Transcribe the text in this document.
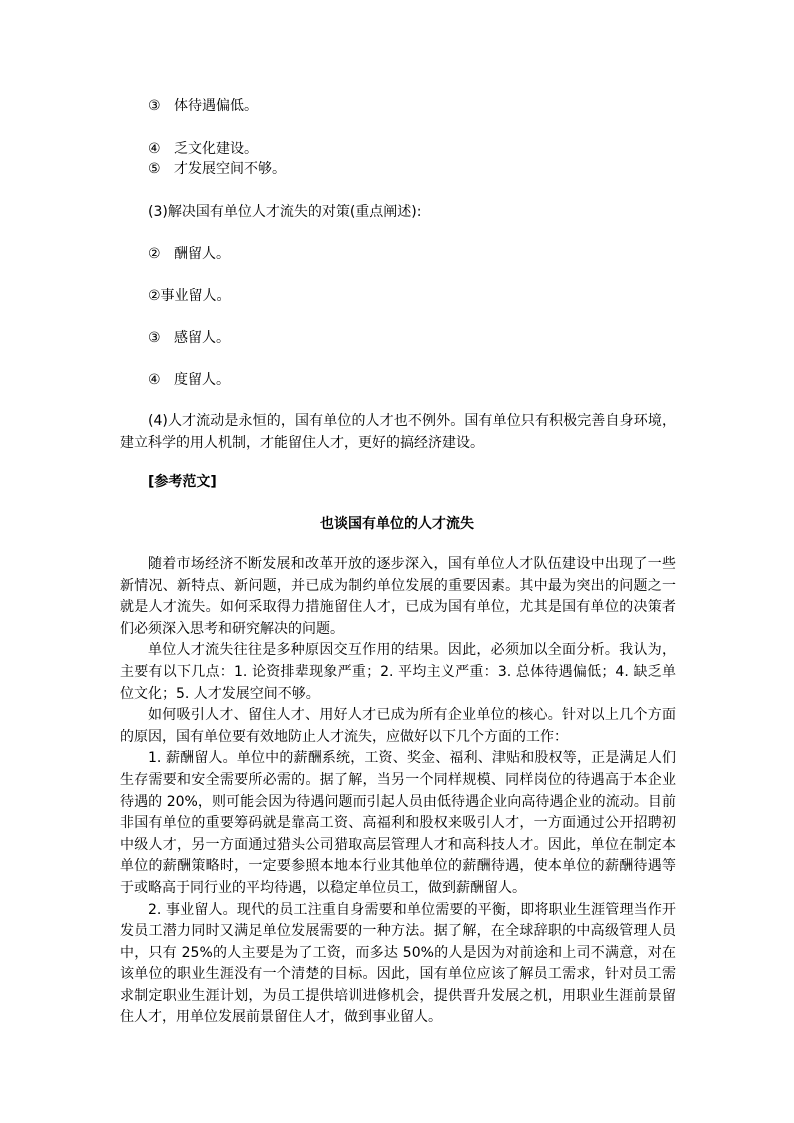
③ 体待遇偏低。
④ 乏文化建设。
⑤ 才发展空间不够。
(3)解决国有单位人才流失的对策(重点阐述):
② 酬留人。
②事业留人。
③ 感留人。
④ 度留人。

(4)人才流动是永恒的，国有单位的人才也不例外。国有单位只有积极完善自身环境，建立科学的用人机制，才能留住人才，更好的搞经济建设。

[参考范文]
也谈国有单位的人才流失

随着市场经济不断发展和改革开放的逐步深入，国有单位人才队伍建设中出现了一些新情况、新特点、新问题，并已成为制约单位发展的重要因素。其中最为突出的问题之一就是人才流失。如何采取得力措施留住人才，已成为国有单位，尤其是国有单位的决策者们必须深入思考和研究解决的问题。

单位人才流失往往是多种原因交互作用的结果。因此，必须加以全面分析。我认为，主要有以下几点：1. 论资排辈现象严重；2. 平均主义严重：3. 总体待遇偏低；4. 缺乏单位文化；5. 人才发展空间不够。

如何吸引人才、留住人才、用好人才已成为所有企业单位的核心。针对以上几个方面的原因，国有单位要有效地防止人才流失，应做好以下几个方面的工作：

1. 薪酬留人。单位中的薪酬系统，工资、奖金、福利、津贴和股权等，正是满足人们生存需要和安全需要所必需的。据了解，当另一个同样规模、同样岗位的待遇高于本企业待遇的 20%，则可能会因为待遇问题而引起人员由低待遇企业向高待遇企业的流动。目前非国有单位的重要筹码就是靠高工资、高福利和股权来吸引人才，一方面通过公开招聘初中级人才，另一方面通过猎头公司猎取高层管理人才和高科技人才。因此，单位在制定本单位的薪酬策略时，一定要参照本地本行业其他单位的薪酬待遇，使本单位的薪酬待遇等于或略高于同行业的平均待遇，以稳定单位员工，做到薪酬留人。

2. 事业留人。现代的员工注重自身需要和单位需要的平衡，即将职业生涯管理当作开发员工潜力同时又满足单位发展需要的一种方法。据了解，在全球辞职的中高级管理人员中，只有 25%的人主要是为了工资，而多达 50%的人是因为对前途和上司不满意，对在该单位的职业生涯没有一个清楚的目标。因此，国有单位应该了解员工需求，针对员工需求制定职业生涯计划，为员工提供培训进修机会，提供晋升发展之机，用职业生涯前景留住人才，用单位发展前景留住人才，做到事业留人。
